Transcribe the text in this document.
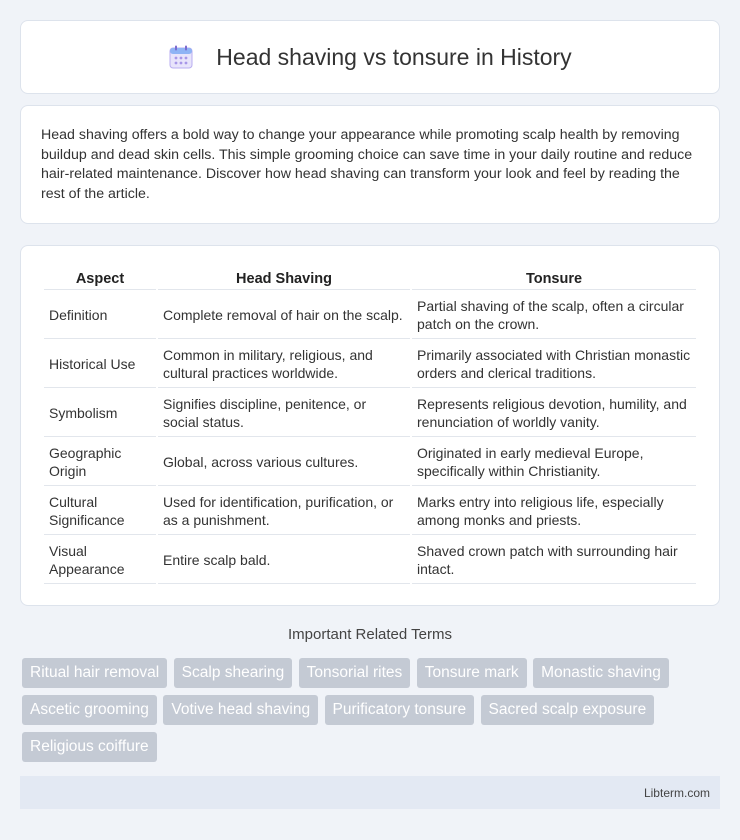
Head shaving vs tonsure in History

Head shaving offers a bold way to change your appearance while promoting scalp health by removing buildup and dead skin cells. This simple grooming choice can save time in your daily routine and reduce hair-related maintenance. Discover how head shaving can transform your look and feel by reading the rest of the article.

Aspect	Head Shaving	Tonsure
Definition	Complete removal of hair on the scalp.	Partial shaving of the scalp, often a circular patch on the crown.
Historical Use	Common in military, religious, and cultural practices worldwide.	Primarily associated with Christian monastic orders and clerical traditions.
Symbolism	Signifies discipline, penitence, or social status.	Represents religious devotion, humility, and renunciation of worldly vanity.
Geographic Origin	Global, across various cultures.	Originated in early medieval Europe, specifically within Christianity.
Cultural Significance	Used for identification, purification, or as a punishment.	Marks entry into religious life, especially among monks and priests.
Visual Appearance	Entire scalp bald.	Shaved crown patch with surrounding hair intact.
Important Related Terms
Ritual hair removal Scalp shearing Tonsorial rites Tonsure mark Monastic shaving Ascetic grooming Votive head shaving Purificatory tonsure Sacred scalp exposure Religious coiffure
Libterm.com
